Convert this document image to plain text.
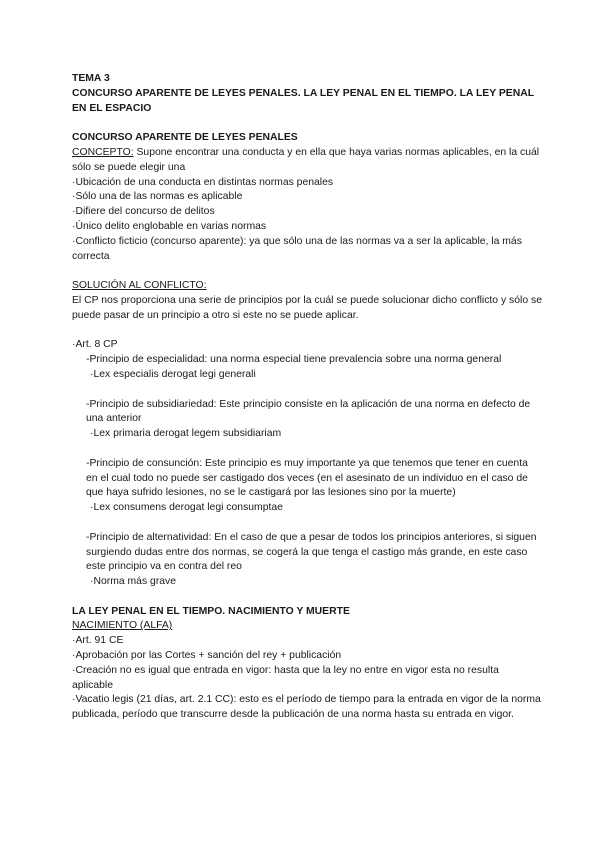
TEMA 3

CONCURSO APARENTE DE LEYES PENALES. LA LEY PENAL EN EL TIEMPO. LA LEY PENAL EN EL ESPACIO

CONCURSO APARENTE DE LEYES PENALES

CONCEPTO: Supone encontrar una conducta y en ella que haya varias normas aplicables, en la cuál sólo se puede elegir una

·Ubicación de una conducta en distintas normas penales

·Sólo una de las normas es aplicable

·Difiere del concurso de delitos

·Único delito englobable en varias normas

·Conflicto ficticio (concurso aparente): ya que sólo una de las normas va a ser la aplicable, la más correcta

SOLUCIÓN AL CONFLICTO:

El CP nos proporciona una serie de principios por la cuál se puede solucionar dicho conflicto y sólo se puede pasar de un principio a otro si este no se puede aplicar.

·Art. 8 CP

-Principio de especialidad: una norma especial tiene prevalencia sobre una norma general

·Lex especialis derogat legi generali

-Principio de subsidiariedad: Este principio consiste en la aplicación de una norma en defecto de una anterior

·Lex primaria derogat legem subsidiariam

-Principio de consunción: Este principio es muy importante ya que tenemos que tener en cuenta en el cual todo no puede ser castigado dos veces (en el asesinato de un individuo en el caso de que haya sufrido lesiones, no se le castigará por las lesiones sino por la muerte)

·Lex consumens derogat legi consumptae

-Principio de alternatividad: En el caso de que a pesar de todos los principios anteriores, si siguen surgiendo dudas entre dos normas, se cogerá la que tenga el castigo más grande, en este caso este principio va en contra del reo

·Norma más grave

LA LEY PENAL EN EL TIEMPO. NACIMIENTO Y MUERTE

NACIMIENTO (ALFA)

·Art. 91 CE

·Aprobación por las Cortes + sanción del rey + publicación

·Creación no es igual que entrada en vigor: hasta que la ley no entre en vigor esta no resulta aplicable

·Vacatio legis (21 días, art. 2.1 CC): esto es el período de tiempo para la entrada en vigor de la norma publicada, período que transcurre desde la publicación de una norma hasta su entrada en vigor.
